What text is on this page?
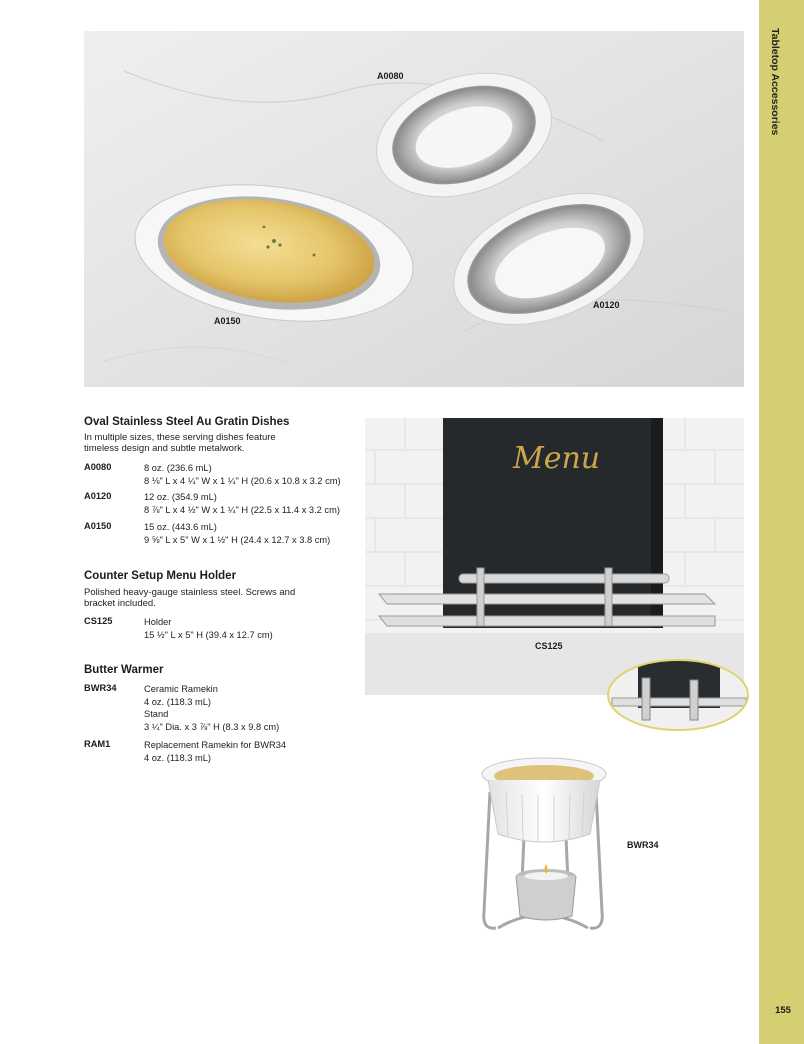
Tabletop Accessories
155
A0080
A0120
A0150
Menu
CS125
BWR34
Oval Stainless Steel Au Gratin Dishes
In multiple sizes, these serving dishes feature
timeless design and subtle metalwork.
A0080	8 oz. (236.6 mL)
8 ⅛" L x 4 ¼" W x 1 ¼" H (20.6 x 10.8 x 3.2 cm)
A0120	12 oz. (354.9 mL)
8 ⅞" L x 4 ½" W x 1 ¼" H (22.5 x 11.4 x 3.2 cm)
A0150	15 oz. (443.6 mL)
9 ⅝" L x 5" W x 1 ½" H (24.4 x 12.7 x 3.8 cm)
Counter Setup Menu Holder
Polished heavy-gauge stainless steel. Screws and
bracket included.
CS125	Holder
15 ½" L x 5" H (39.4 x 12.7 cm)
Butter Warmer
BWR34	Ceramic Ramekin
4 oz. (118.3 mL)
Stand
3 ¼" Dia. x 3 ⅞" H (8.3 x 9.8 cm)
RAM1	Replacement Ramekin for BWR34
4 oz. (118.3 mL)
